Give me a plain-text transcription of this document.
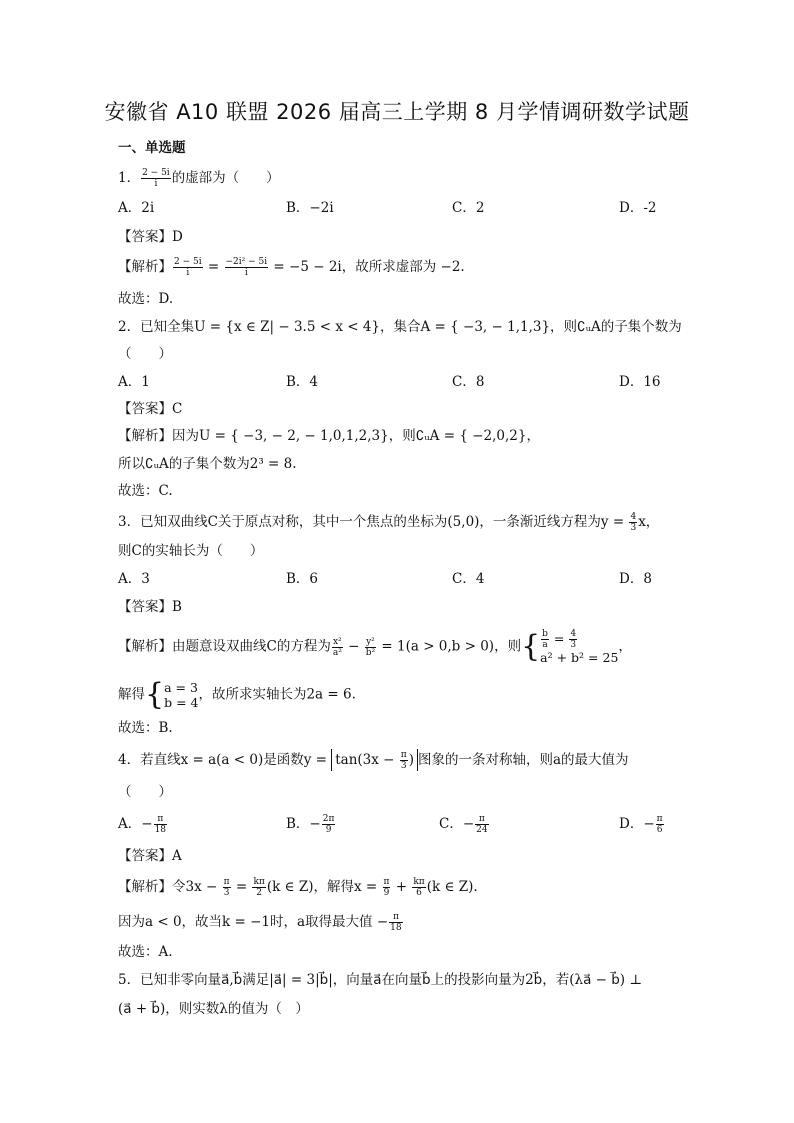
安徽省 A10 联盟 2026 届高三上学期 8 月学情调研数学试题
一、单选题
1． $\frac{2 - 5i}{i}$ 的虚部为（　　）
A．2i	B．−2i	C．2	D．-2
【答案】D
【解析】 $\frac{2 - 5i}{i} = \frac{\text{−2i² − 5i}}{i} = -5 - 2i$，故所求虚部为 −2.
故选：D.
2．已知全集U = {x ∈ Z| − 3.5 < x < 4}，集合A = { −3, − 1,1,3}，则∁ᵤA的子集个数为
（　　）
A．1	B．4	C．8	D．16
【答案】C
【解析】因为U = { −3, − 2, − 1,0,1,2,3}，则∁ᵤA = { −2,0,2}，
所以∁ᵤA的子集个数为2³ = 8.
故选：C.
3．已知双曲线C关于原点对称，其中一个焦点的坐标为(5,0)，一条渐近线方程为$y = \frac{4}{3}$ x，
则C的实轴长为（　　）
A．3	B．6	C．4	D．8
【答案】B
【解析】由题意设双曲线C的方程为 $\frac{\text{x²}}{\text{a²}} - \frac{\text{y²}}{\text{b²}} = 1(a > 0,b > 0)$，则{ $\frac{b}{a} = \frac{4}{3}$
a² + b² = 25
，
解得{ a = 3
b = 4 ，故所求实轴长为2a = 6.
故选：B.
4．若直线x = a(a < 0)是函数$y = \tan(3x - \frac{\pi}{3}$ ) 图象的一条对称轴，则a的最大值为
（　　）
A．− $\frac{\pi}{18}$	B．− $\frac{2\pi}{9}$	C．− $\frac{\pi}{24}$	D．− $\frac{\pi}{6}$
【答案】A
【解析】令$3x - \frac{\pi}{3} = \frac{k\pi}{2} (k$ ∈ Z)，解得$x = \frac{\pi}{9} + \frac{k\pi}{6} (k$ ∈ Z).
因为a < 0，故当k = −1时，a取得最大值 − $\frac{\pi}{18}$
故选：A.
5．已知非零向量a⃗,b⃗满足|a⃗| = 3|b⃗|，向量a⃗在向量b⃗上的投影向量为2b⃗，若(λa⃗ − b⃗) ⊥
(a⃗ + b⃗)，则实数λ的值为（　）
